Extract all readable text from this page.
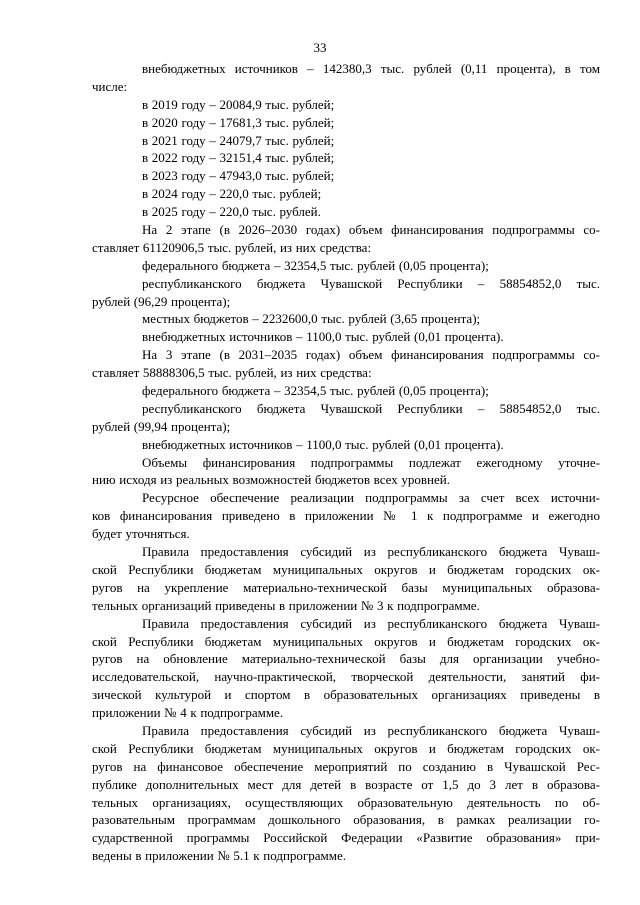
33
внебюджетных источников – 142380,3 тыс. рублей (0,11 процента), в том
числе:
в 2019 году – 20084,9 тыс. рублей;
в 2020 году – 17681,3 тыс. рублей;
в 2021 году – 24079,7 тыс. рублей;
в 2022 году – 32151,4 тыс. рублей;
в 2023 году – 47943,0 тыс. рублей;
в 2024 году – 220,0 тыс. рублей;
в 2025 году – 220,0 тыс. рублей.
На 2 этапе (в 2026–2030 годах) объем финансирования подпрограммы со-
ставляет 61120906,5 тыс. рублей, из них средства:
федерального бюджета – 32354,5 тыс. рублей (0,05 процента);
республиканского бюджета Чувашской Республики – 58854852,0 тыс.
рублей (96,29 процента);
местных бюджетов – 2232600,0 тыс. рублей (3,65 процента);
внебюджетных источников – 1100,0 тыс. рублей (0,01 процента).
На 3 этапе (в 2031–2035 годах) объем финансирования подпрограммы со-
ставляет 58888306,5 тыс. рублей, из них средства:
федерального бюджета – 32354,5 тыс. рублей (0,05 процента);
республиканского бюджета Чувашской Республики – 58854852,0 тыс.
рублей (99,94 процента);
внебюджетных источников – 1100,0 тыс. рублей (0,01 процента).
Объемы финансирования подпрограммы подлежат ежегодному уточне-
нию исходя из реальных возможностей бюджетов всех уровней.
Ресурсное обеспечение реализации подпрограммы за счет всех источни-
ков финансирования приведено в приложении № 1 к подпрограмме и ежегодно
будет уточняться.
Правила предоставления субсидий из республиканского бюджета Чуваш-
ской Республики бюджетам муниципальных округов и бюджетам городских ок-
ругов на укрепление материально-технической базы муниципальных образова-
тельных организаций приведены в приложении № 3 к подпрограмме.
Правила предоставления субсидий из республиканского бюджета Чуваш-
ской Республики бюджетам муниципальных округов и бюджетам городских ок-
ругов на обновление материально-технической базы для организации учебно-
исследовательской, научно-практической, творческой деятельности, занятий фи-
зической культурой и спортом в образовательных организациях приведены в
приложении № 4 к подпрограмме.
Правила предоставления субсидий из республиканского бюджета Чуваш-
ской Республики бюджетам муниципальных округов и бюджетам городских ок-
ругов на финансовое обеспечение мероприятий по созданию в Чувашской Рес-
публике дополнительных мест для детей в возрасте от 1,5 до 3 лет в образова-
тельных организациях, осуществляющих образовательную деятельность по об-
разовательным программам дошкольного образования, в рамках реализации го-
сударственной программы Российской Федерации «Развитие образования» при-
ведены в приложении № 5.1 к подпрограмме.
